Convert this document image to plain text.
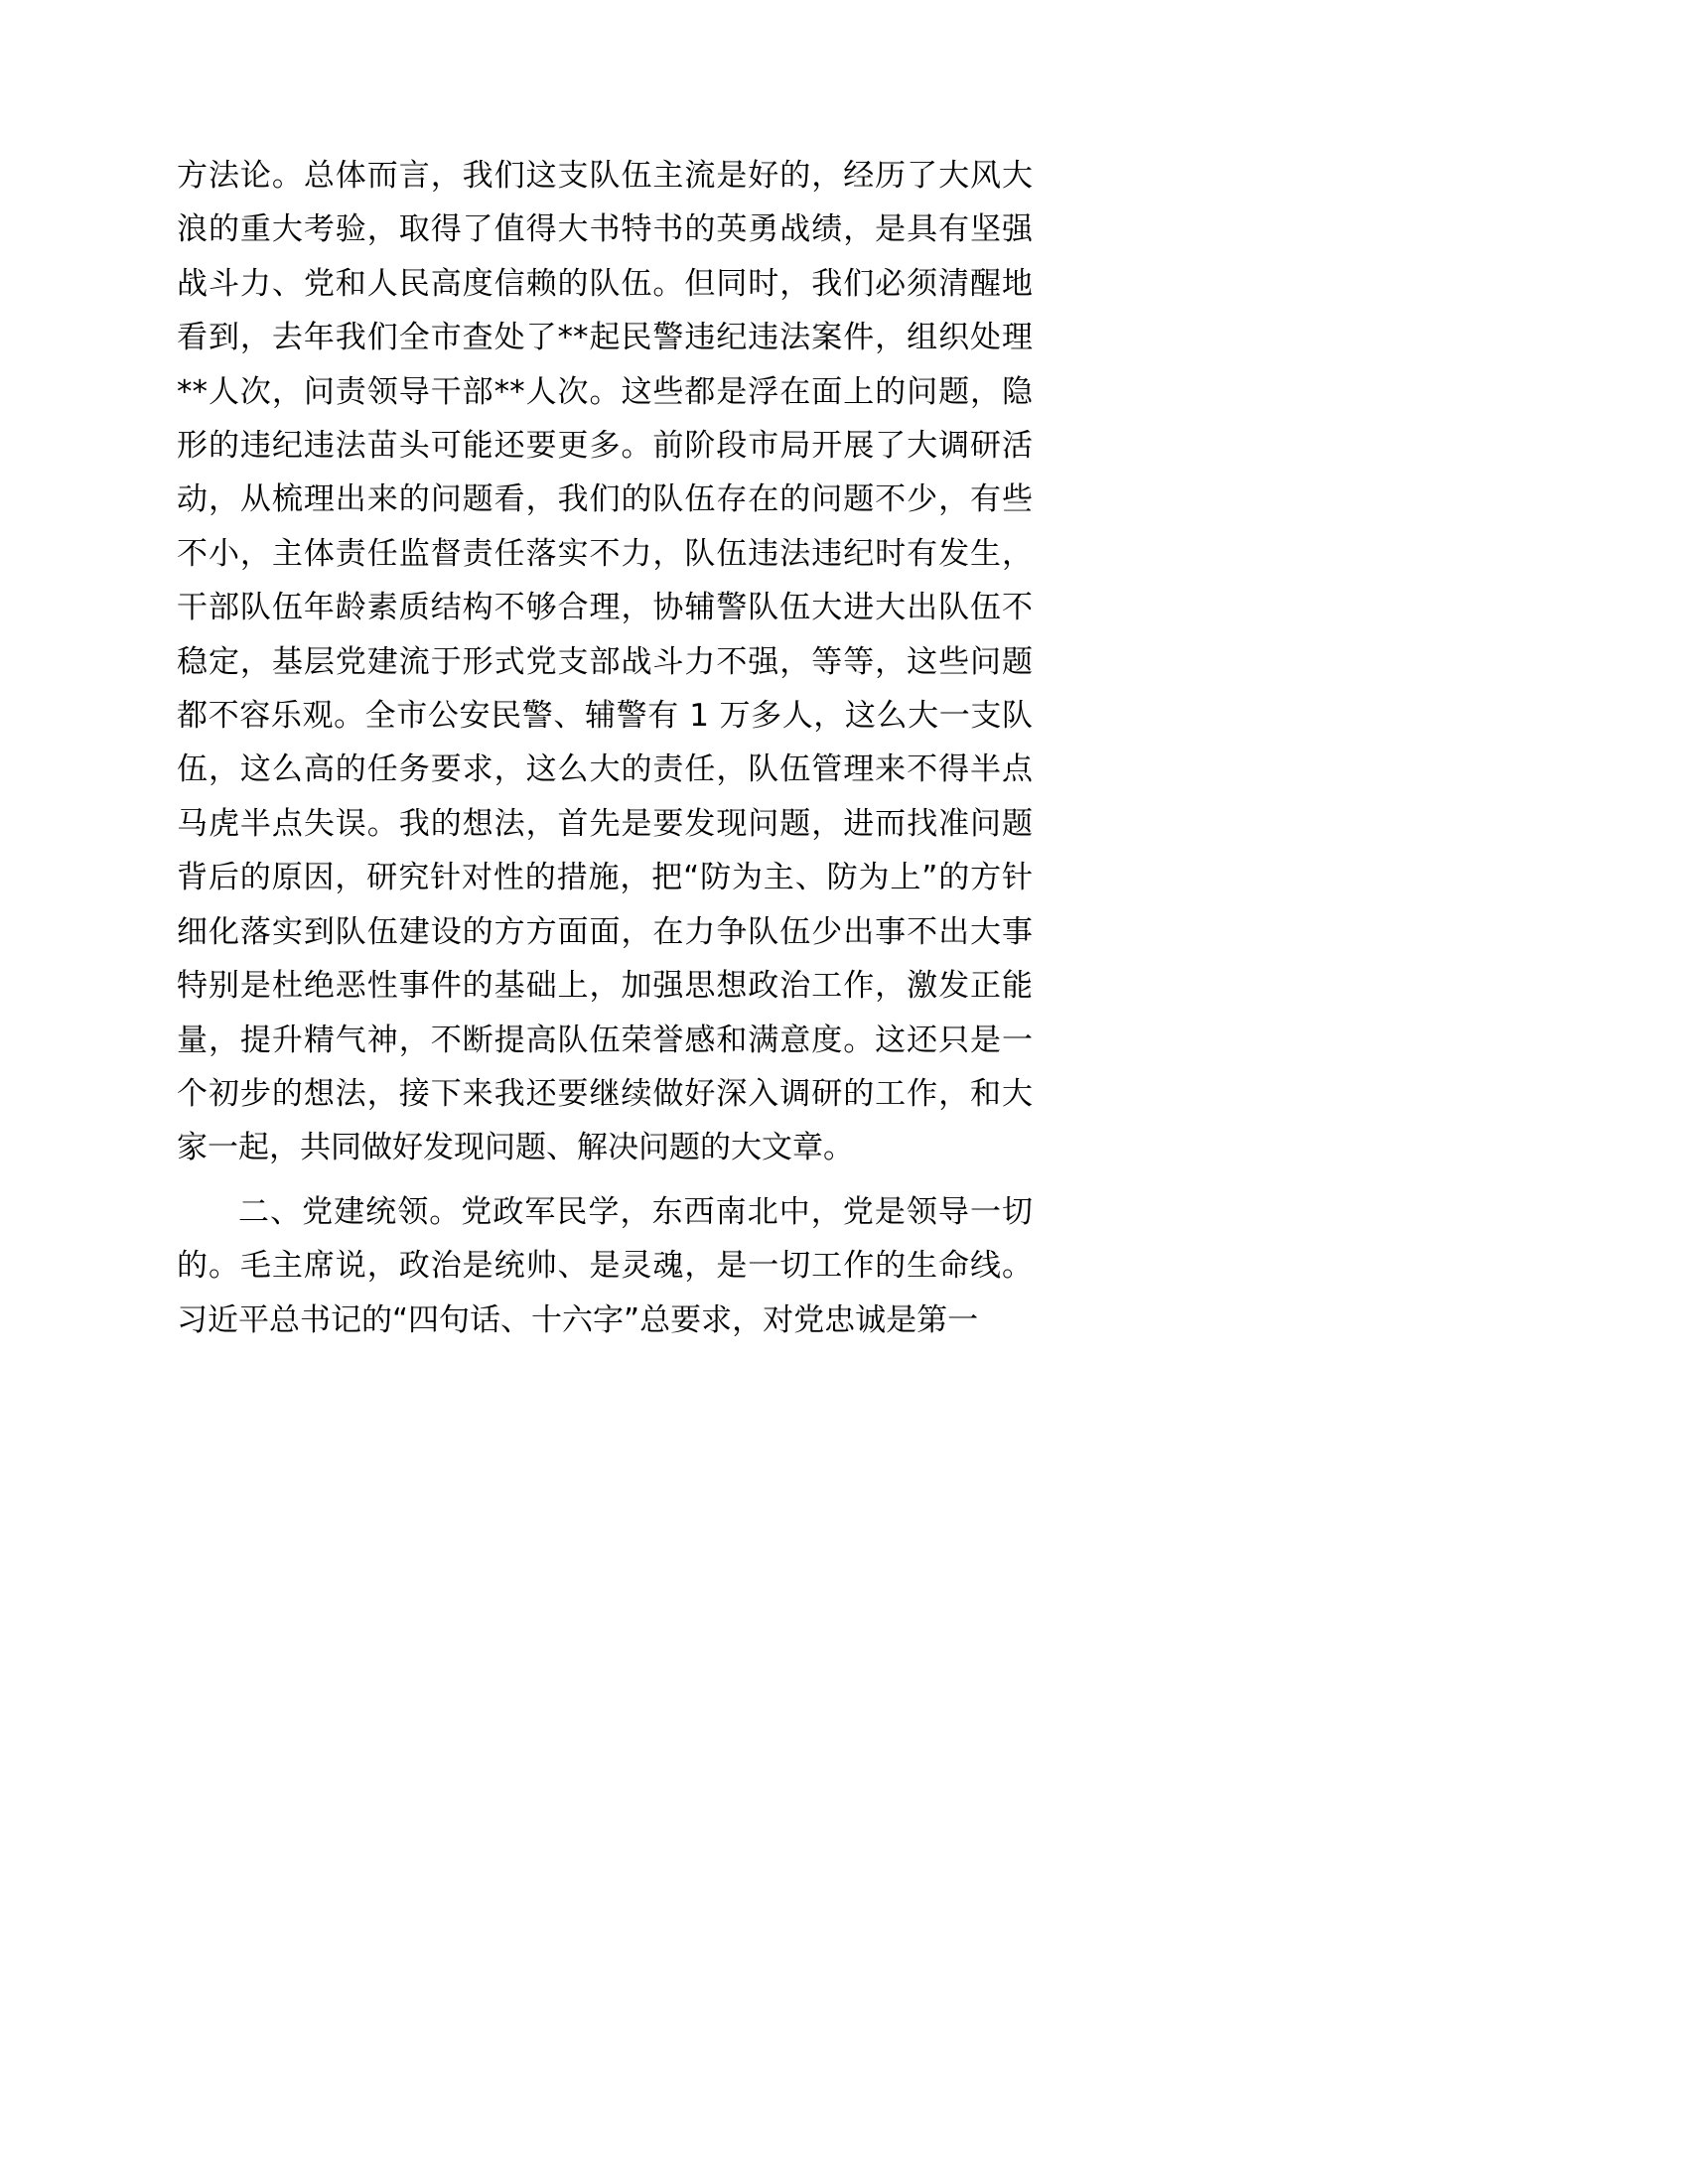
方法论。总体而言，我们这支队伍主流是好的，经历了大风大浪的重大考验，取得了值得大书特书的英勇战绩，是具有坚强战斗力、党和人民高度信赖的队伍。但同时，我们必须清醒地看到，去年我们全市查处了**起民警违纪违法案件，组织处理**人次，问责领导干部**人次。这些都是浮在面上的问题，隐形的违纪违法苗头可能还要更多。前阶段市局开展了大调研活动，从梳理出来的问题看，我们的队伍存在的问题不少，有些不小，主体责任监督责任落实不力，队伍违法违纪时有发生，干部队伍年龄素质结构不够合理，协辅警队伍大进大出队伍不稳定，基层党建流于形式党支部战斗力不强，等等，这些问题都不容乐观。全市公安民警、辅警有 1 万多人，这么大一支队伍，这么高的任务要求，这么大的责任，队伍管理来不得半点马虎半点失误。我的想法，首先是要发现问题，进而找准问题背后的原因，研究针对性的措施，把“防为主、防为上”的方针细化落实到队伍建设的方方面面，在力争队伍少出事不出大事特别是杜绝恶性事件的基础上，加强思想政治工作，激发正能量，提升精气神，不断提高队伍荣誉感和满意度。这还只是一个初步的想法，接下来我还要继续做好深入调研的工作，和大家一起，共同做好发现问题、解决问题的大文章。

二、党建统领。党政军民学，东西南北中，党是领导一切的。毛主席说，政治是统帅、是灵魂，是一切工作的生命线。习近平总书记的“四句话、十六字”总要求，对党忠诚是第一
